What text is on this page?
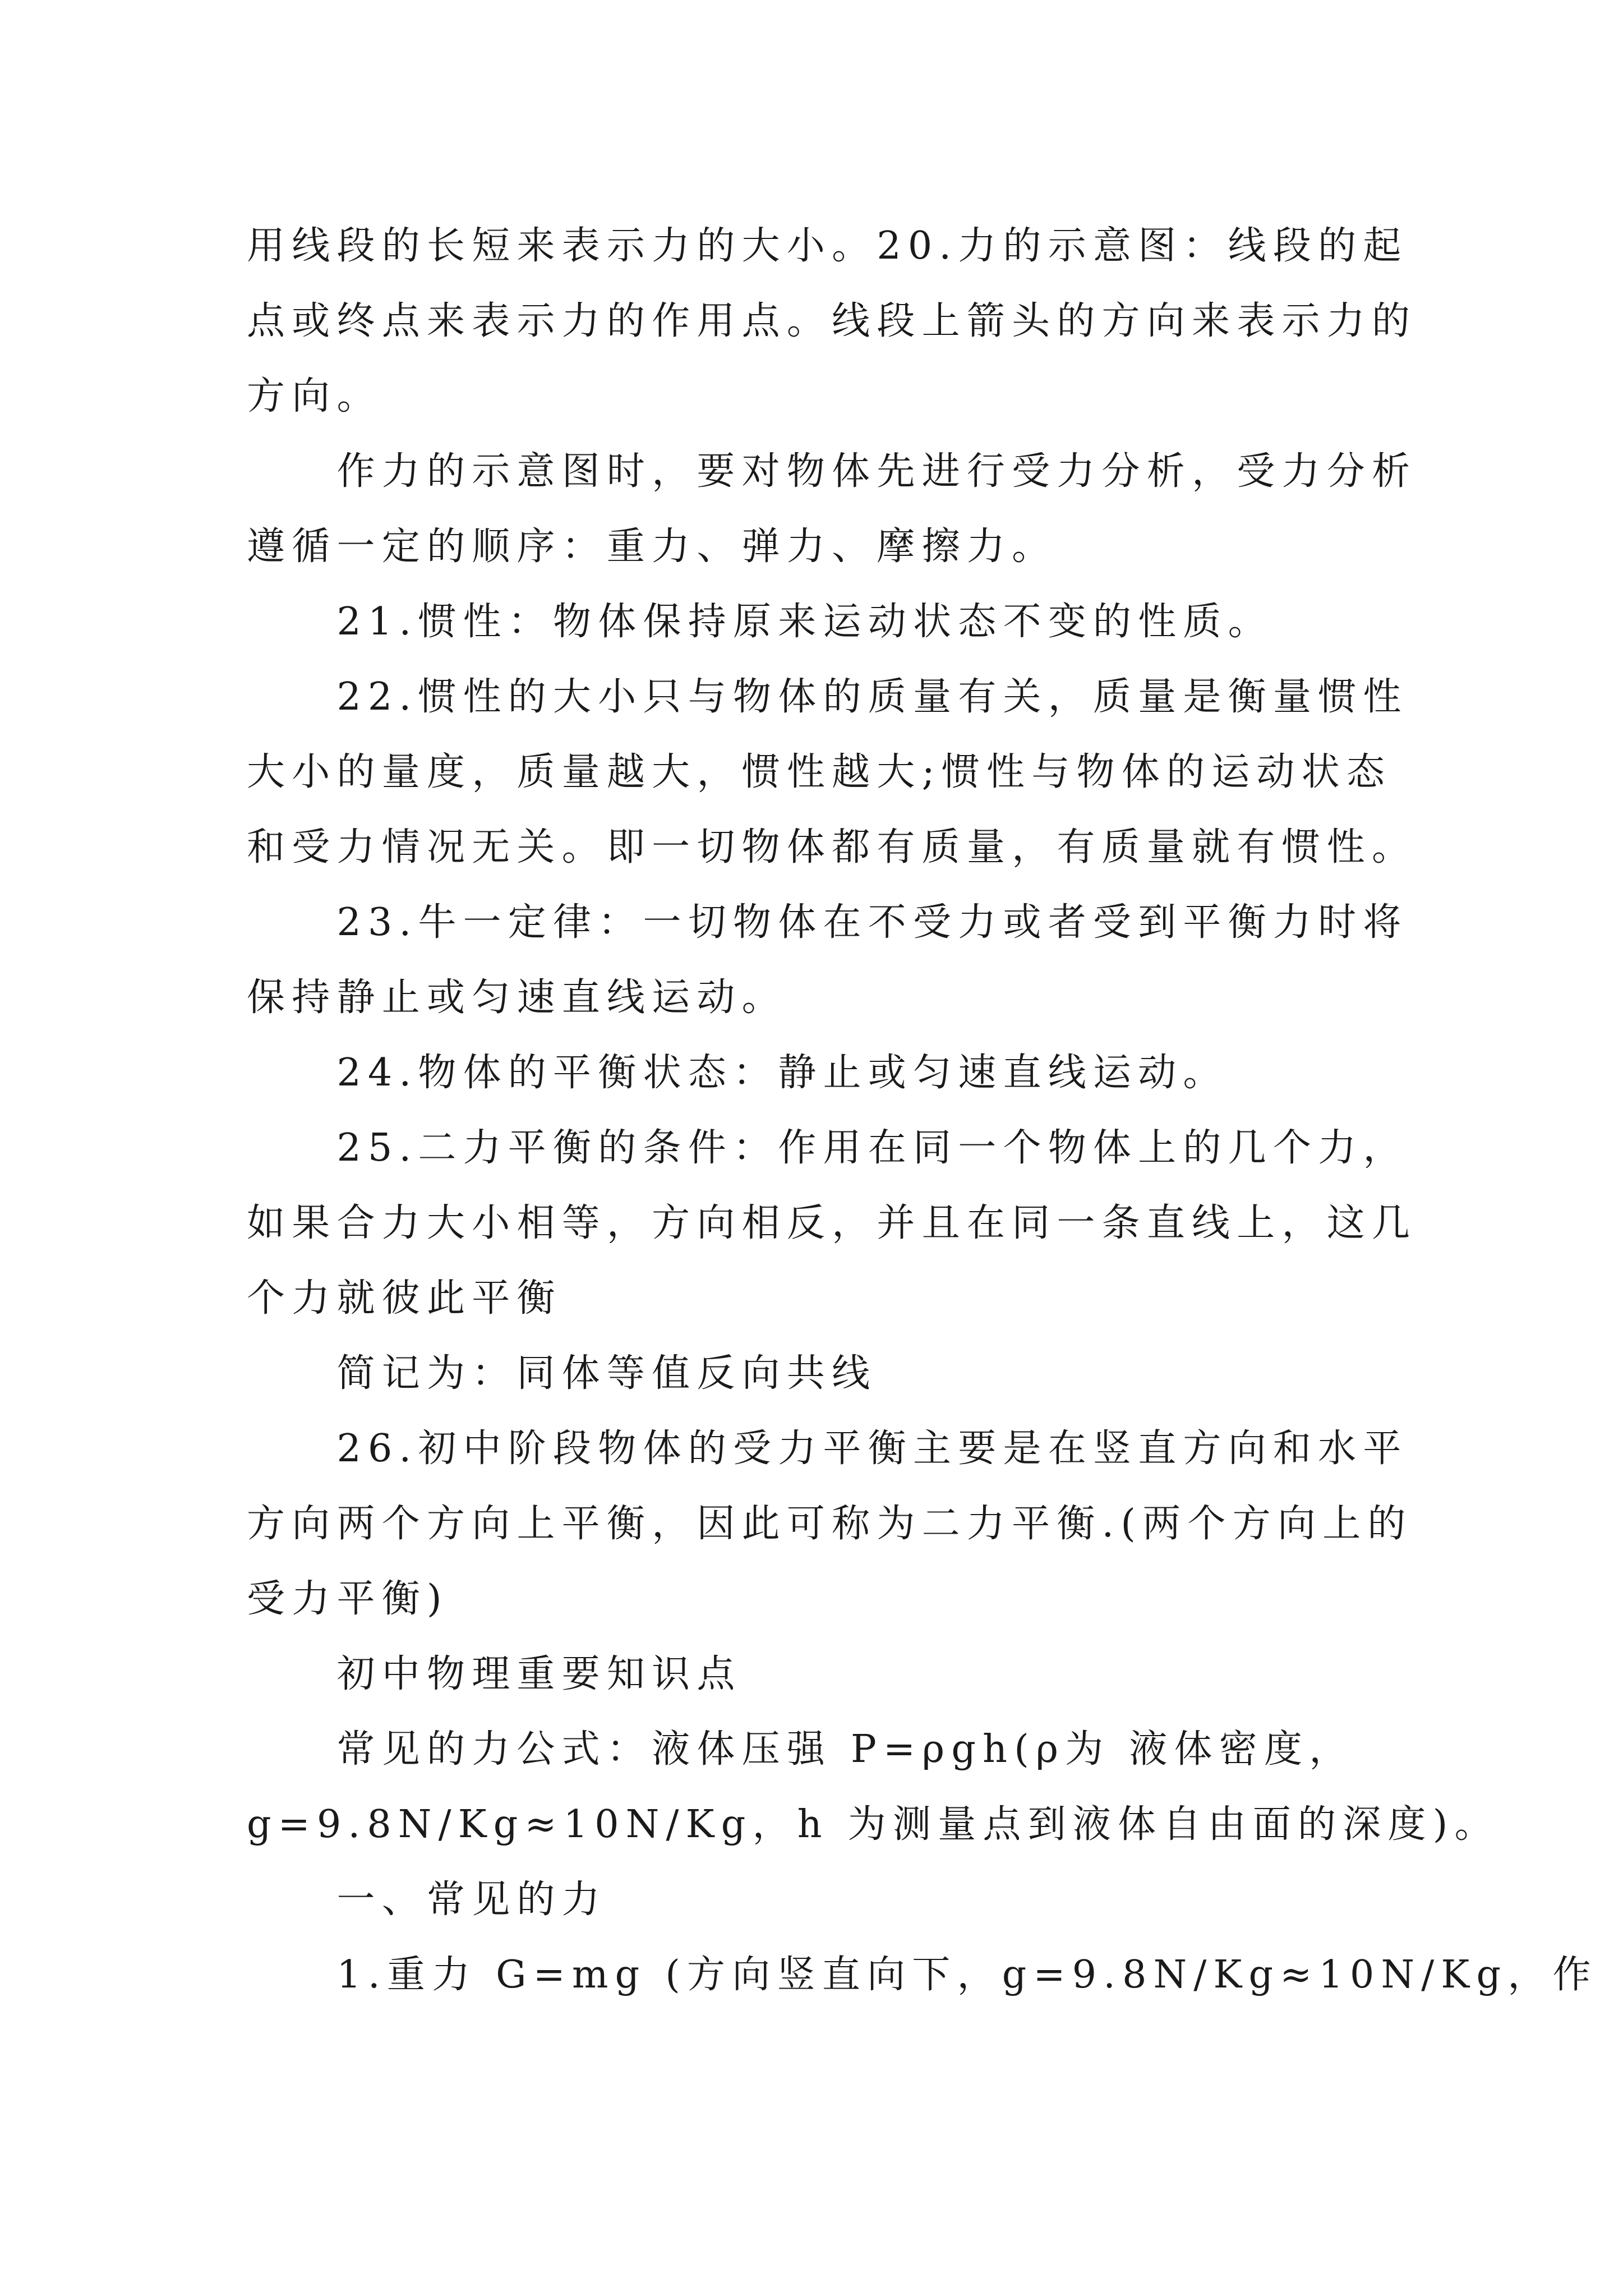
用线段的长短来表示力的大小。20.力的示意图：线段的起
点或终点来表示力的作用点。线段上箭头的方向来表示力的
方向。

作力的示意图时，要对物体先进行受力分析，受力分析
遵循一定的顺序：重力、弹力、摩擦力。

21.惯性：物体保持原来运动状态不变的性质。

22.惯性的大小只与物体的质量有关，质量是衡量惯性
大小的量度，质量越大，惯性越大;惯性与物体的运动状态
和受力情况无关。即一切物体都有质量，有质量就有惯性。

23.牛一定律：一切物体在不受力或者受到平衡力时将
保持静止或匀速直线运动。

24.物体的平衡状态：静止或匀速直线运动。

25.二力平衡的条件：作用在同一个物体上的几个力，
如果合力大小相等，方向相反，并且在同一条直线上，这几
个力就彼此平衡

简记为：同体等值反向共线

26.初中阶段物体的受力平衡主要是在竖直方向和水平
方向两个方向上平衡，因此可称为二力平衡.(两个方向上的
受力平衡)

初中物理重要知识点

常见的力公式：液体压强 P=ρgh(ρ为 液体密度，
g=9.8N/Kg≈10N/Kg，h 为测量点到液体自由面的深度)。

一、常见的力

1.重力 G=mg (方向竖直向下，g=9.8N/Kg≈10N/Kg，作
